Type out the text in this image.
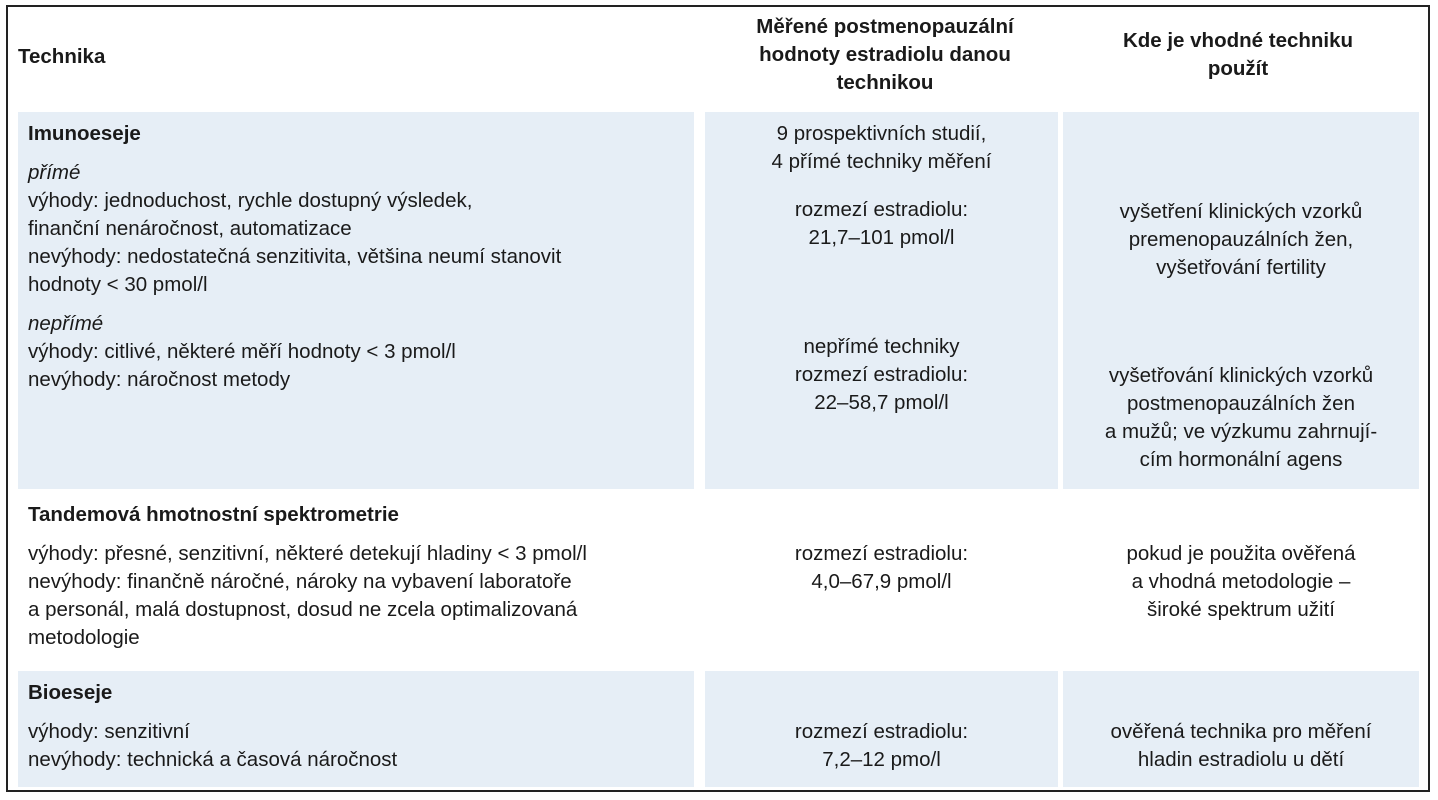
Technika
Měřené postmenopauzální
hodnoty estradiolu danou
technikou
Kde je vhodné techniku
použít
Imunoeseje
přímé
výhody: jednoduchost, rychle dostupný výsledek,
finanční nenáročnost, automatizace
nevýhody: nedostatečná senzitivita, většina neumí stanovit
hodnoty < 30 pmol/l
nepřímé
výhody: citlivé, některé měří hodnoty < 3 pmol/l
nevýhody: náročnost metody
9 prospektivních studií,
4 přímé techniky měření
rozmezí estradiolu:
21,7–101 pmol/l
nepřímé techniky
rozmezí estradiolu:
22–58,7 pmol/l
vyšetření klinických vzorků
premenopauzálních žen,
vyšetřování fertility
vyšetřování klinických vzorků
postmenopauzálních žen
a mužů; ve výzkumu zahrnují-
cím hormonální agens
Tandemová hmotnostní spektrometrie
výhody: přesné, senzitivní, některé detekují hladiny < 3 pmol/l
nevýhody: finančně náročné, nároky na vybavení laboratoře
a personál, malá dostupnost, dosud ne zcela optimalizovaná
metodologie
rozmezí estradiolu:
4,0–67,9 pmol/l
pokud je použita ověřená
a vhodná metodologie –
široké spektrum užití
Bioeseje
výhody: senzitivní
nevýhody: technická a časová náročnost
rozmezí estradiolu:
7,2–12 pmo/l
ověřená technika pro měření
hladin estradiolu u dětí
